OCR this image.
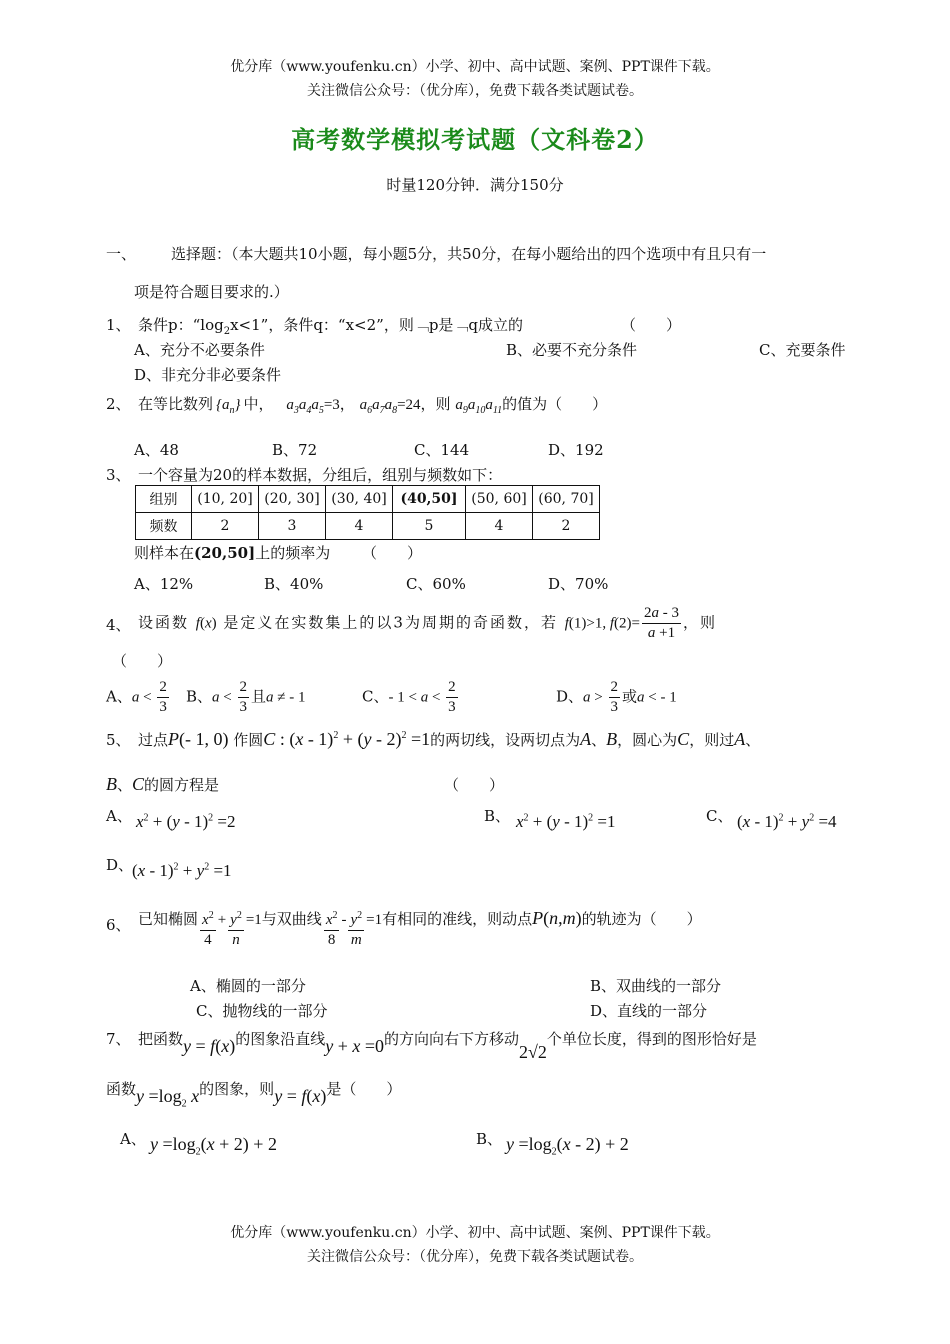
优分库（www.youfenku.cn）小学、初中、高中试题、案例、PPT课件下载。
关注微信公众号：（优分库），免费下载各类试题试卷。
高考数学模拟考试题（文科卷2）
时量120分钟．满分150分
一、 选择题：（本大题共10小题，每小题5分，共50分，在每小题给出的四个选项中有且只有一
项是符合题目要求的.）
1、 条件p：“$\log_2x<1$”，条件q：“x<2”，则﹁p是﹁q成立的	（　　）
A、充分不必要条件	B、必要不充分条件	C、充要条件
D、非充分非必要条件
2、 在等比数列 $\{a_n\}$ 中， $a_3a_4a_5=3$， $a_6a_7a_8=24$，则 $a_9a_{10}a_{11}$的值为（　　）
A、48	B、72	C、144	D、192
3、 一个容量为20的样本数据，分组后，组别与频数如下：
组别	(10, 20]	(20, 30]	(30, 40]	(40,50]	(50, 60]	(60, 70]
频数	2	3	4	5	4	2
则样本在(20,50]上的频率为 （　　）
A、12%	B、40%	C、60%	D、70%
4、 设函数 f(x) 是定义在实数集上的以3为周期的奇函数，若 f(1)>1, $f(2)= \frac{2a - 3}{a +1}$ ，则
（　　）
A、$a < \frac{2}{3}$ B、$a < \frac{2}{3}$ 且a ≠ - 1	C、- $1 < a < \frac{2}{3}$	D、$a > \frac{2}{3}$ 或a < - 1
5、 过点P(- 1, 0) 作圆C : (x - 1)$^2$ + (y - 2)$^2$ =1的两切线，设两切点为A、B，圆心为C，则过A、
B、C的圆方程是	（　　）
A、 $x^2 + (y - 1)^2 =2$	B、 $x^2 + (y - 1)^2 =1$	C、 $(x - 1)^2 + y^2 =4$
D、
$(x - 1)^2 + y^2 =1$
6、 已知椭圆 $\frac{x^2}{4} + \frac{y^2}{n} =1$与双曲线 $\frac{x^2}{8} - \frac{y^2}{m} =1$有相同的准线，则动点P(n,m)的轨迹为（　　）
A、椭圆的一部分	B、双曲线的一部分
C、抛物线的一部分	D、直线的一部分
7、 把函数y = f(x)的图象沿直线y + x =0的方向向右下方移动2√2个单位长度，得到的图形恰好是
函数$y =\log_2$ x的图象，则y = f(x)是（　　）
A、 $y =\log_2(x + 2) + 2$	B、 $y =\log_2(x - 2) + 2$
优分库（www.youfenku.cn）小学、初中、高中试题、案例、PPT课件下载。
关注微信公众号：（优分库），免费下载各类试题试卷。
